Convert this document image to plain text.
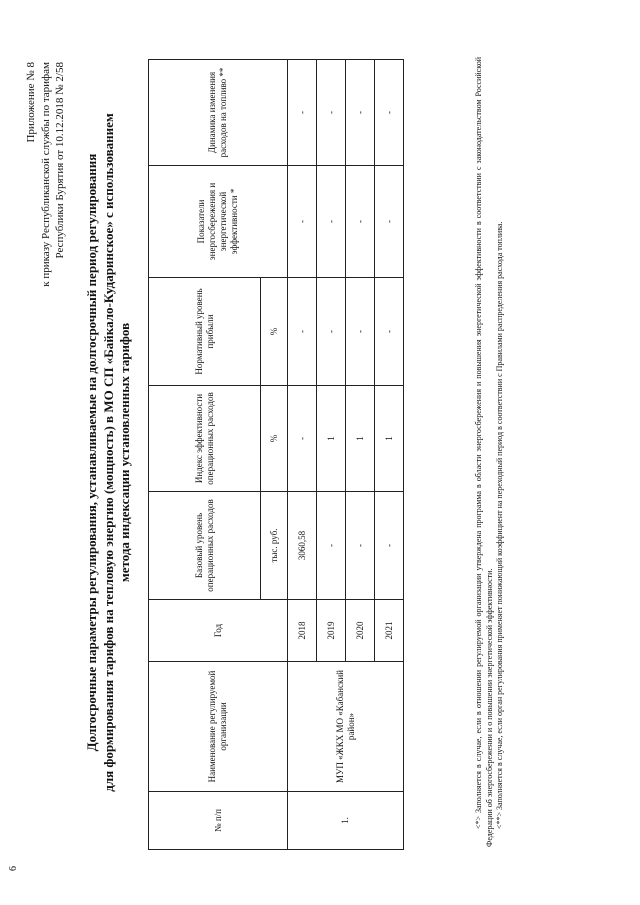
6
Приложение № 8 к приказу Республиканской службы по тарифам Республики Бурятия от 10.12.2018 № 2/58 Долгосрочные параметры регулирования, устанавливаемые на долгосрочный период регулирования для формирования тарифов на тепловую энергию (мощность) в МО СП «Байкало-Кударинское» с использованием метода индексации установленных тарифов
№ п/п	Наименование регулируемой организации	Год	Базовый уровень операционных расходов	Индекс эффективности операционных расходов	Нормативный уровень прибыли	Показатели энергосбережения и энергетической эффективности *	Динамика изменения расходов на топливо **
			тыс. руб.	%	%		
1.	МУП «ЖКХ МО «Кабанский район»	2018	3060,58	-	-	-	-
		2019	-	1	-	-	-
		2020	-	1	-	-	-
		2021	-	1	-	-	-	<*> Заполняется в случае, если в отношении регулируемой организации утверждена программа в области энергосбережения и повышения энергетической эффективности в соответствии с законодательством Российской Федерации об энергосбережении и о повышении энергетической эффективности. <**> Заполняется в случае, если орган регулирования применяет понижающий коэффициент на переходный период в соответствии с Правилами распределения расхода топлива.
